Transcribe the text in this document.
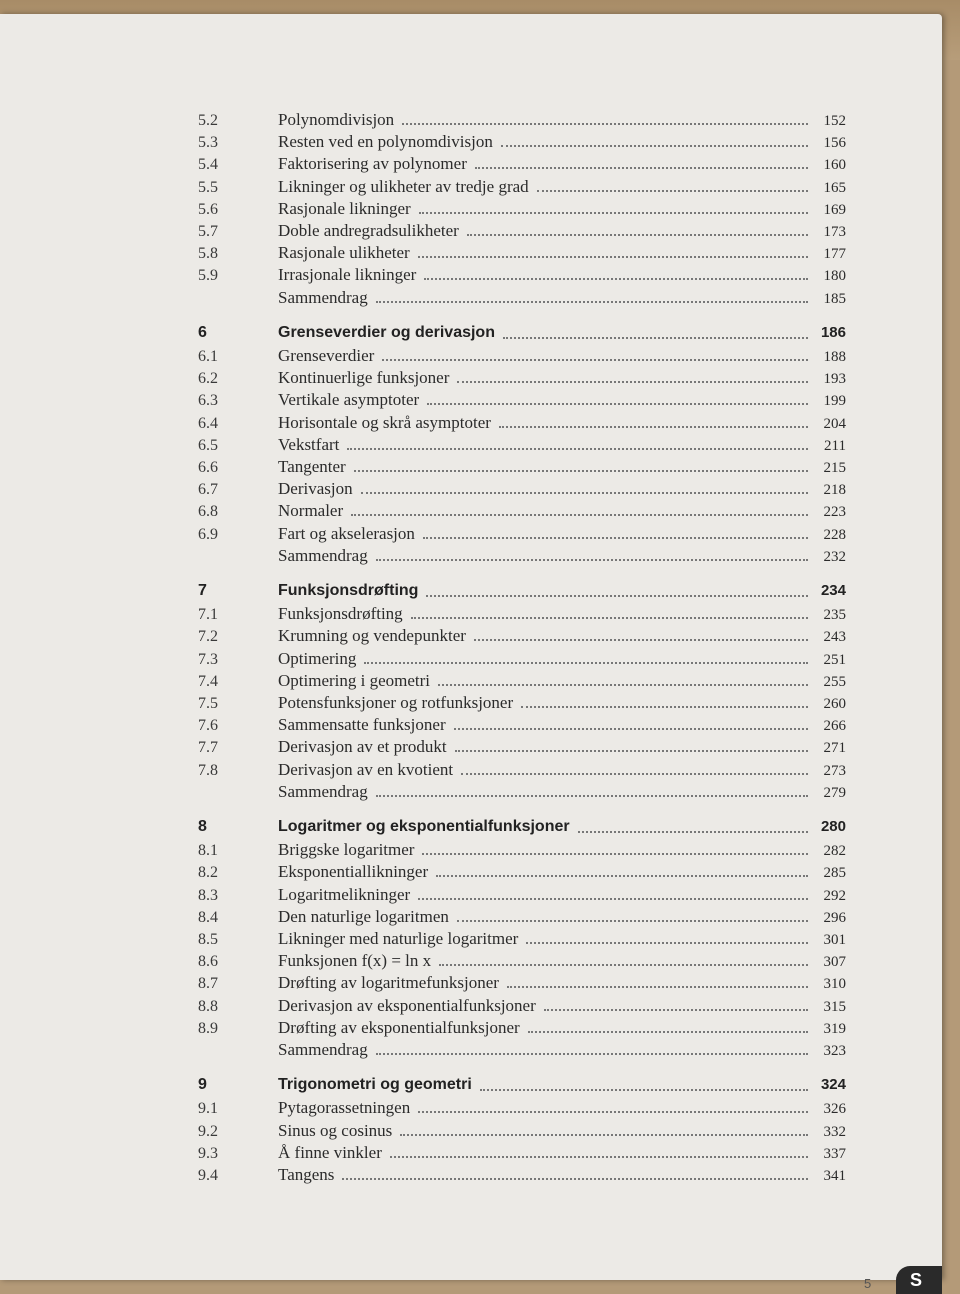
5.2	Polynomdivisjon	152
5.3	Resten ved en polynomdivisjon	156
5.4	Faktorisering av polynomer	160
5.5	Likninger og ulikheter av tredje grad	165
5.6	Rasjonale likninger	169
5.7	Doble andregradsulikheter	173
5.8	Rasjonale ulikheter	177
5.9	Irrasjonale likninger	180
Sammendrag	185
6	Grenseverdier og derivasjon	186
6.1	Grenseverdier	188
6.2	Kontinuerlige funksjoner	193
6.3	Vertikale asymptoter	199
6.4	Horisontale og skrå asymptoter	204
6.5	Vekstfart	211
6.6	Tangenter	215
6.7	Derivasjon	218
6.8	Normaler	223
6.9	Fart og akselerasjon	228
Sammendrag	232
7	Funksjonsdrøfting	234
7.1	Funksjonsdrøfting	235
7.2	Krumning og vendepunkter	243
7.3	Optimering	251
7.4	Optimering i geometri	255
7.5	Potensfunksjoner og rotfunksjoner	260
7.6	Sammensatte funksjoner	266
7.7	Derivasjon av et produkt	271
7.8	Derivasjon av en kvotient	273
Sammendrag	279
8	Logaritmer og eksponentialfunksjoner	280
8.1	Briggske logaritmer	282
8.2	Eksponentiallikninger	285
8.3	Logaritmelikninger	292
8.4	Den naturlige logaritmen	296
8.5	Likninger med naturlige logaritmer	301
8.6	Funksjonen f(x) = ln x	307
8.7	Drøfting av logaritmefunksjoner	310
8.8	Derivasjon av eksponentialfunksjoner	315
8.9	Drøfting av eksponentialfunksjoner	319
Sammendrag	323
9	Trigonometri og geometri	324
9.1	Pytagorassetningen	326
9.2	Sinus og cosinus	332
9.3	Å finne vinkler	337
9.4	Tangens	341
5 S
